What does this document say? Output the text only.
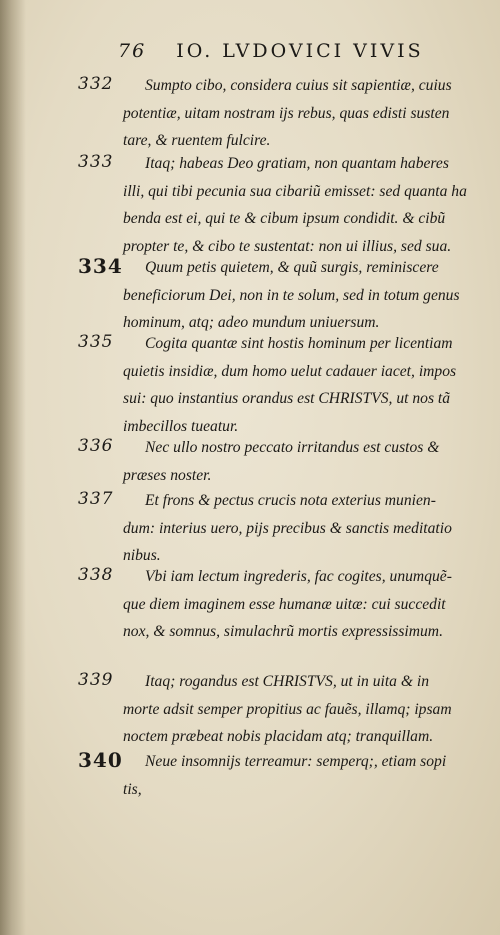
76 IO. LVDOVICI VIVIS
332	Sumpto cibo, considera cuius sit sapientiæ, cuius
potentiæ, uitam nostram ijs rebus, quas edisti susten
tare, & ruentem fulcire.
333	Itaq; habeas Deo gratiam, non quantam haberes
illi, qui tibi pecunia sua cibariũ emisset: sed quanta ha
benda est ei, qui te & cibum ipsum condidit. & cibũ
propter te, & cibo te sustentat: non ui illius, sed sua.
334	Quum petis quietem, & quũ surgis, reminiscere
beneficiorum Dei, non in te solum, sed in totum genus
hominum, atq; adeo mundum uniuersum.
335	Cogita quantæ sint hostis hominum per licentiam
quietis insidiæ, dum homo uelut cadauer iacet, impos
sui: quo instantius orandus est CHRISTVS, ut nos tã
imbecillos tueatur.
336	Nec ullo nostro peccato irritandus est custos &
præses noster.
337	Et frons & pectus crucis nota exterius munien-
dum: interius uero, pijs precibus & sanctis meditatio
nibus.
338	Vbi iam lectum ingrederis, fac cogites, unumquẽ-
que diem imaginem esse humanæ uitæ: cui succedit
nox, & somnus, simulachrũ mortis expressissimum.
339	Itaq; rogandus est CHRISTVS, ut in uita & in
morte adsit semper propitius ac fauẽs, illamq; ipsam
noctem præbeat nobis placidam atq; tranquillam.
340	Neue insomnijs terreamur: semperq;, etiam sopi
tis,
